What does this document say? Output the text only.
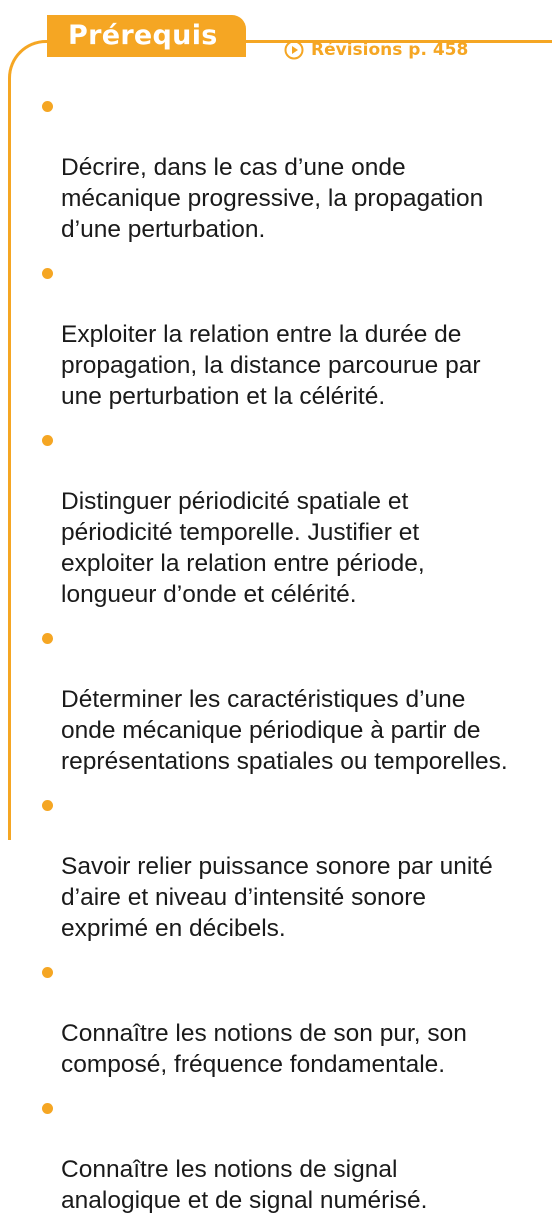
Prérequis	Révisions p. 458

Décrire, dans le cas d’une onde
mécanique progressive, la propagation
d’une perturbation.

Exploiter la relation entre la durée de
propagation, la distance parcourue par
une perturbation et la célérité.

Distinguer périodicité spatiale et
périodicité temporelle. Justifier et
exploiter la relation entre période,
longueur d’onde et célérité.

Déterminer les caractéristiques d’une
onde mécanique périodique à partir de
représentations spatiales ou temporelles.

Savoir relier puissance sonore par unité
d’aire et niveau d’intensité sonore
exprimé en décibels.

Connaître les notions de son pur, son
composé, fréquence fondamentale.

Connaître les notions de signal
analogique et de signal numérisé.
